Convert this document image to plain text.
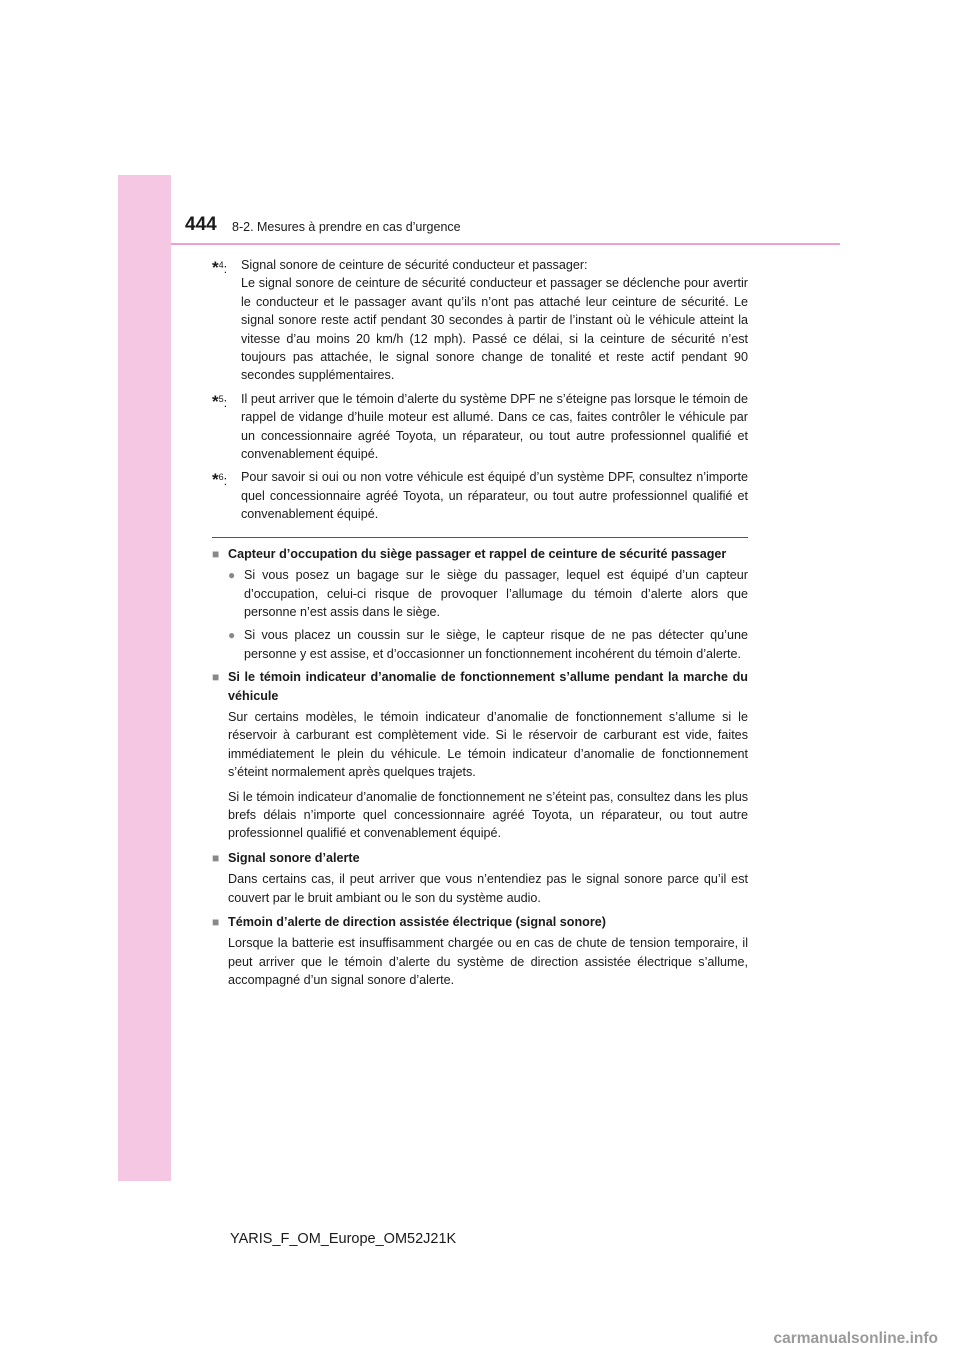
444 8-2. Mesures à prendre en cas d’urgence
*$^4$:	Signal sonore de ceinture de sécurité conducteur et passager:

Le signal sonore de ceinture de sécurité conducteur et passager se déclenche pour avertir le conducteur et le passager avant qu’ils n’ont pas attaché leur ceinture de sécurité. Le signal sonore reste actif pendant 30 secondes à partir de l’instant où le véhicule atteint la vitesse d’au moins 20 km/h (12 mph). Passé ce délai, si la ceinture de sécurité n’est toujours pas attachée, le signal sonore change de tonalité et reste actif pendant 90 secondes supplémentaires.

*$^5$:	Il peut arriver que le témoin d’alerte du système DPF ne s’éteigne pas lorsque le témoin de rappel de vidange d’huile moteur est allumé. Dans ce cas, faites contrôler le véhicule par un concessionnaire agréé Toyota, un réparateur, ou tout autre professionnel qualifié et convenablement équipé.

*$^6$:	Pour savoir si oui ou non votre véhicule est équipé d’un système DPF, consultez n’importe quel concessionnaire agréé Toyota, un réparateur, ou tout autre professionnel qualifié et convenablement équipé.

■ Capteur d’occupation du siège passager et rappel de ceinture de sécurité passager
● Si vous posez un bagage sur le siège du passager, lequel est équipé d’un capteur d’occupation, celui-ci risque de provoquer l’allumage du témoin d’alerte alors que personne n’est assis dans le siège.
● Si vous placez un coussin sur le siège, le capteur risque de ne pas détecter qu’une personne y est assise, et d’occasionner un fonctionnement incohérent du témoin d’alerte.
■ Si le témoin indicateur d’anomalie de fonctionnement s’allume pendant la marche du véhicule

Sur certains modèles, le témoin indicateur d’anomalie de fonctionnement s’allume si le réservoir à carburant est complètement vide. Si le réservoir de carburant est vide, faites immédiatement le plein du véhicule. Le témoin indicateur d’anomalie de fonctionnement s’éteint normalement après quelques trajets.

Si le témoin indicateur d’anomalie de fonctionnement ne s’éteint pas, consultez dans les plus brefs délais n’importe quel concessionnaire agréé Toyota, un réparateur, ou tout autre professionnel qualifié et convenablement équipé.

■ Signal sonore d’alerte

Dans certains cas, il peut arriver que vous n’entendiez pas le signal sonore parce qu’il est couvert par le bruit ambiant ou le son du système audio.

■ Témoin d’alerte de direction assistée électrique (signal sonore)

Lorsque la batterie est insuffisamment chargée ou en cas de chute de tension temporaire, il peut arriver que le témoin d’alerte du système de direction assistée électrique s’allume, accompagné d’un signal sonore d’alerte.

YARIS_F_OM_Europe_OM52J21K
carmanualsonline.info
